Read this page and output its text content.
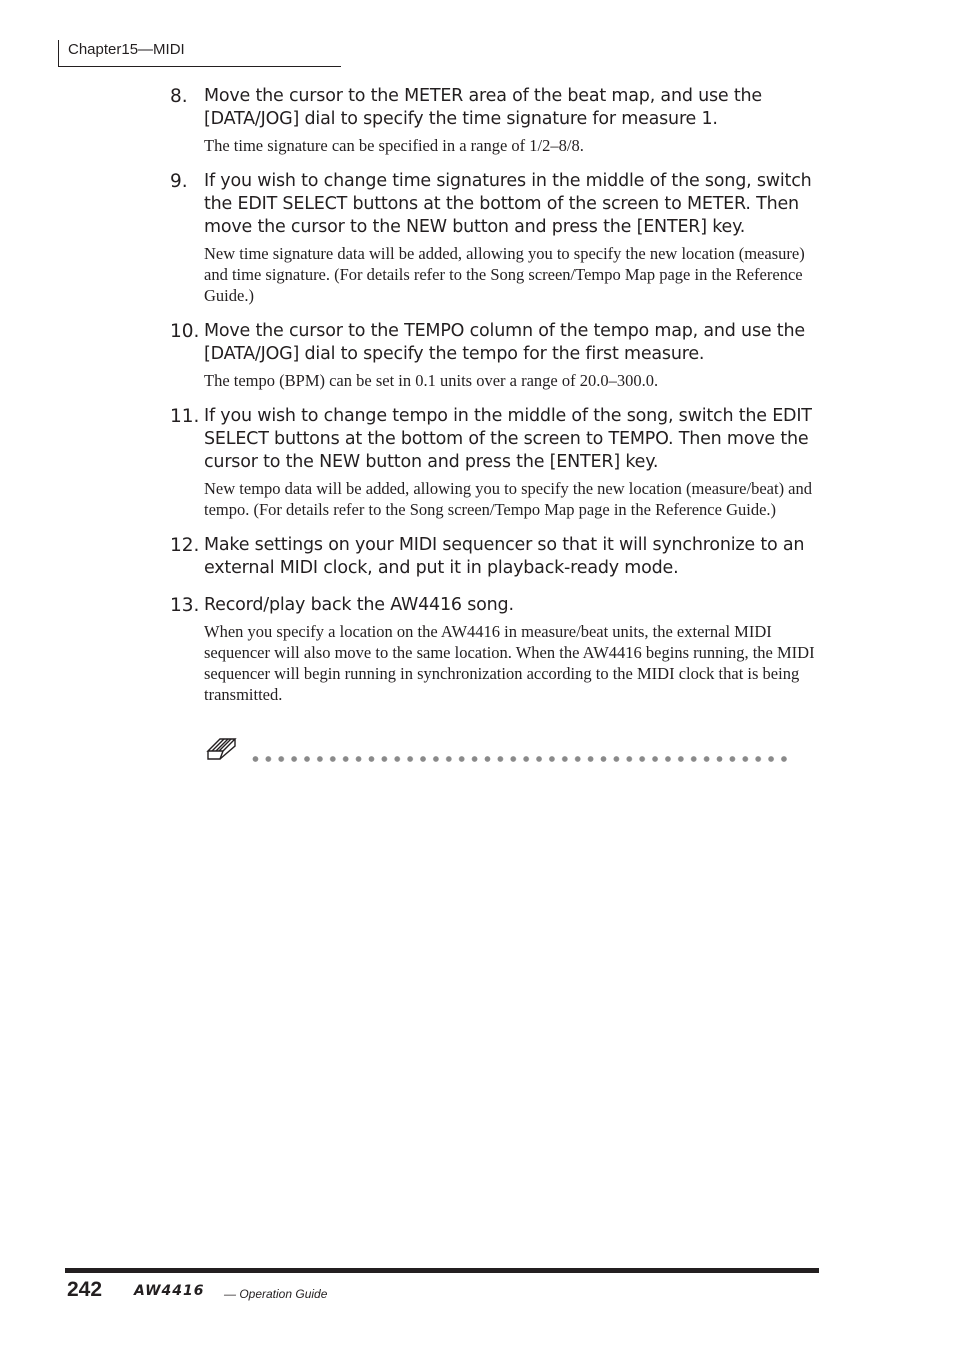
Chapter15—MIDI
8. Move the cursor to the METER area of the beat map, and use the [DATA/JOG] dial to specify the time signature for measure 1.
The time signature can be specified in a range of 1/2–8/8.
9. If you wish to change time signatures in the middle of the song, switch the EDIT SELECT buttons at the bottom of the screen to METER. Then move the cursor to the NEW button and press the [ENTER] key.
New time signature data will be added, allowing you to specify the new location (measure) and time signature. (For details refer to the Song screen/Tempo Map page in the Reference Guide.)
10. Move the cursor to the TEMPO column of the tempo map, and use the [DATA/JOG] dial to specify the tempo for the first measure.
The tempo (BPM) can be set in 0.1 units over a range of 20.0–300.0.
11. If you wish to change tempo in the middle of the song, switch the EDIT SELECT buttons at the bottom of the screen to TEMPO. Then move the cursor to the NEW button and press the [ENTER] key.
New tempo data will be added, allowing you to specify the new location (measure/beat) and tempo. (For details refer to the Song screen/Tempo Map page in the Reference Guide.)
12. Make settings on your MIDI sequencer so that it will synchronize to an external MIDI clock, and put it in playback-ready mode.
13. Record/play back the AW4416 song.
When you specify a location on the AW4416 in measure/beat units, the external MIDI sequencer will also move to the same location. When the AW4416 begins running, the MIDI sequencer will begin running in synchronization according to the MIDI clock that is being transmitted.
242 AW4416 — Operation Guide
